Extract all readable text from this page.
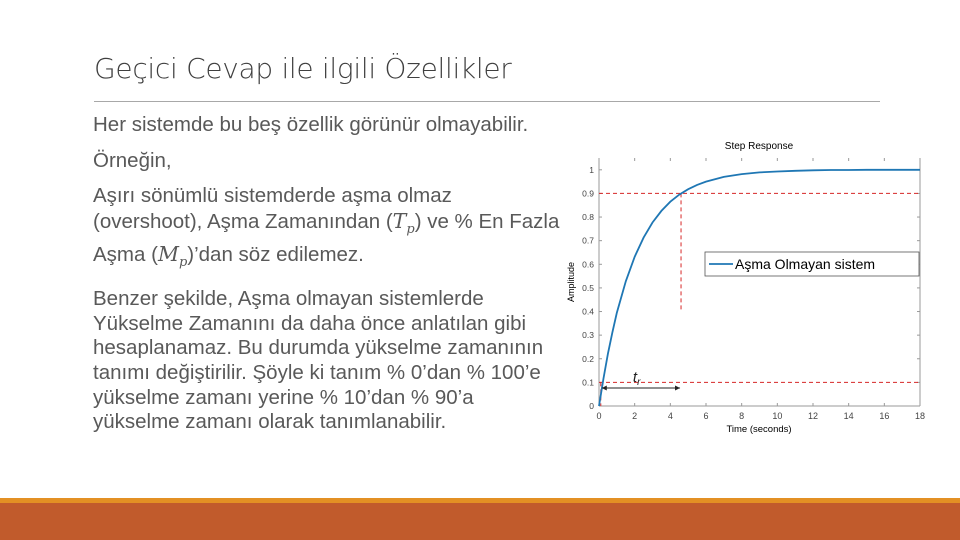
Geçici Cevap ile ilgili Özellikler
Her sistemde bu beş özellik görünür olmayabilir.
Örneğin,
Aşırı sönümlü sistemderde aşma olmaz (overshoot), Aşma Zamanından $(T_p)$ ve % En Fazla Aşma $(M_p)’dan$ söz edilemez.
Benzer şekilde, Aşma olmayan sistemlerde Yükselme Zamanını da daha önce anlatılan gibi hesaplanamaz. Bu durumda yükselme zamanının tanımı değiştirilir. Şöyle ki tanım % 0’dan % 100’e yükselme zamanı yerine % 10’dan % 90’a yükselme zamanı olarak tanımlanabilir.
Step Response
Amplitude
Time (seconds)
0
0.1
0.2
0.3
0.4
0.5
0.6
0.7
0.8
0.9
1
0	2	4	6	8	10	12	14	16	18
$t_r$
Aşma Olmayan sistem
